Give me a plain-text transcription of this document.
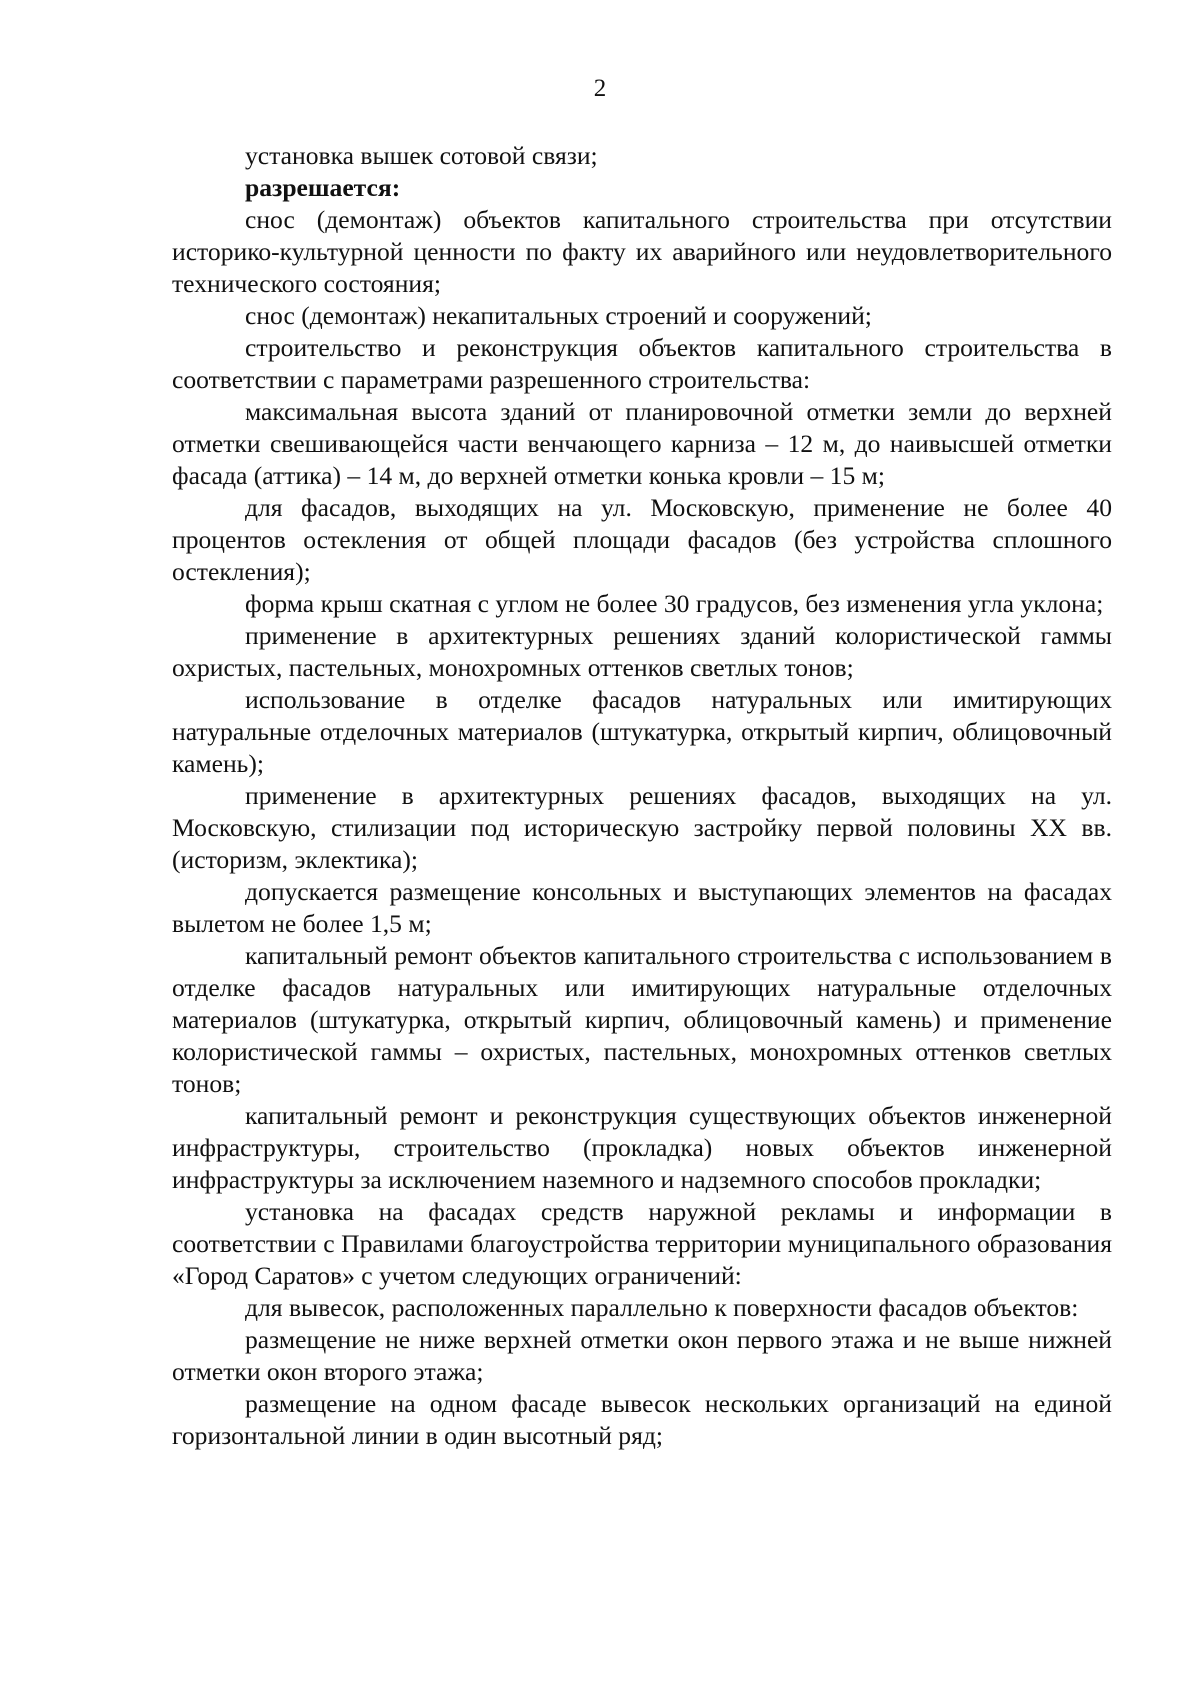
2

установка вышек сотовой связи;

разрешается:

снос (демонтаж) объектов капитального строительства при отсутствии историко-культурной ценности по факту их аварийного или неудовлетворительного технического состояния;

снос (демонтаж) некапитальных строений и сооружений;

строительство и реконструкция объектов капитального строительства в соответствии с параметрами разрешенного строительства:

максимальная высота зданий от планировочной отметки земли до верхней отметки свешивающейся части венчающего карниза – 12 м, до наивысшей отметки фасада (аттика) – 14 м, до верхней отметки конька кровли – 15 м;

для фасадов, выходящих на ул. Московскую, применение не более 40 процентов остекления от общей площади фасадов (без устройства сплошного остекления);

форма крыш скатная с углом не более 30 градусов, без изменения угла уклона;

применение в архитектурных решениях зданий колористической гаммы охристых, пастельных, монохромных оттенков светлых тонов;

использование в отделке фасадов натуральных или имитирующих натуральные отделочных материалов (штукатурка, открытый кирпич, облицовочный камень);

применение в архитектурных решениях фасадов, выходящих на ул. Московскую, стилизации под историческую застройку первой половины XX вв. (историзм, эклектика);

допускается размещение консольных и выступающих элементов на фасадах вылетом не более 1,5 м;

капитальный ремонт объектов капитального строительства с использованием в отделке фасадов натуральных или имитирующих натуральные отделочных материалов (штукатурка, открытый кирпич, облицовочный камень) и применение колористической гаммы – охристых, пастельных, монохромных оттенков светлых тонов;

капитальный ремонт и реконструкция существующих объектов инженерной инфраструктуры, строительство (прокладка) новых объектов инженерной инфраструктуры за исключением наземного и надземного способов прокладки;

установка на фасадах средств наружной рекламы и информации в соответствии с Правилами благоустройства территории муниципального образования «Город Саратов» с учетом следующих ограничений:

для вывесок, расположенных параллельно к поверхности фасадов объектов:

размещение не ниже верхней отметки окон первого этажа и не выше нижней отметки окон второго этажа;

размещение на одном фасаде вывесок нескольких организаций на единой горизонтальной линии в один высотный ряд;
